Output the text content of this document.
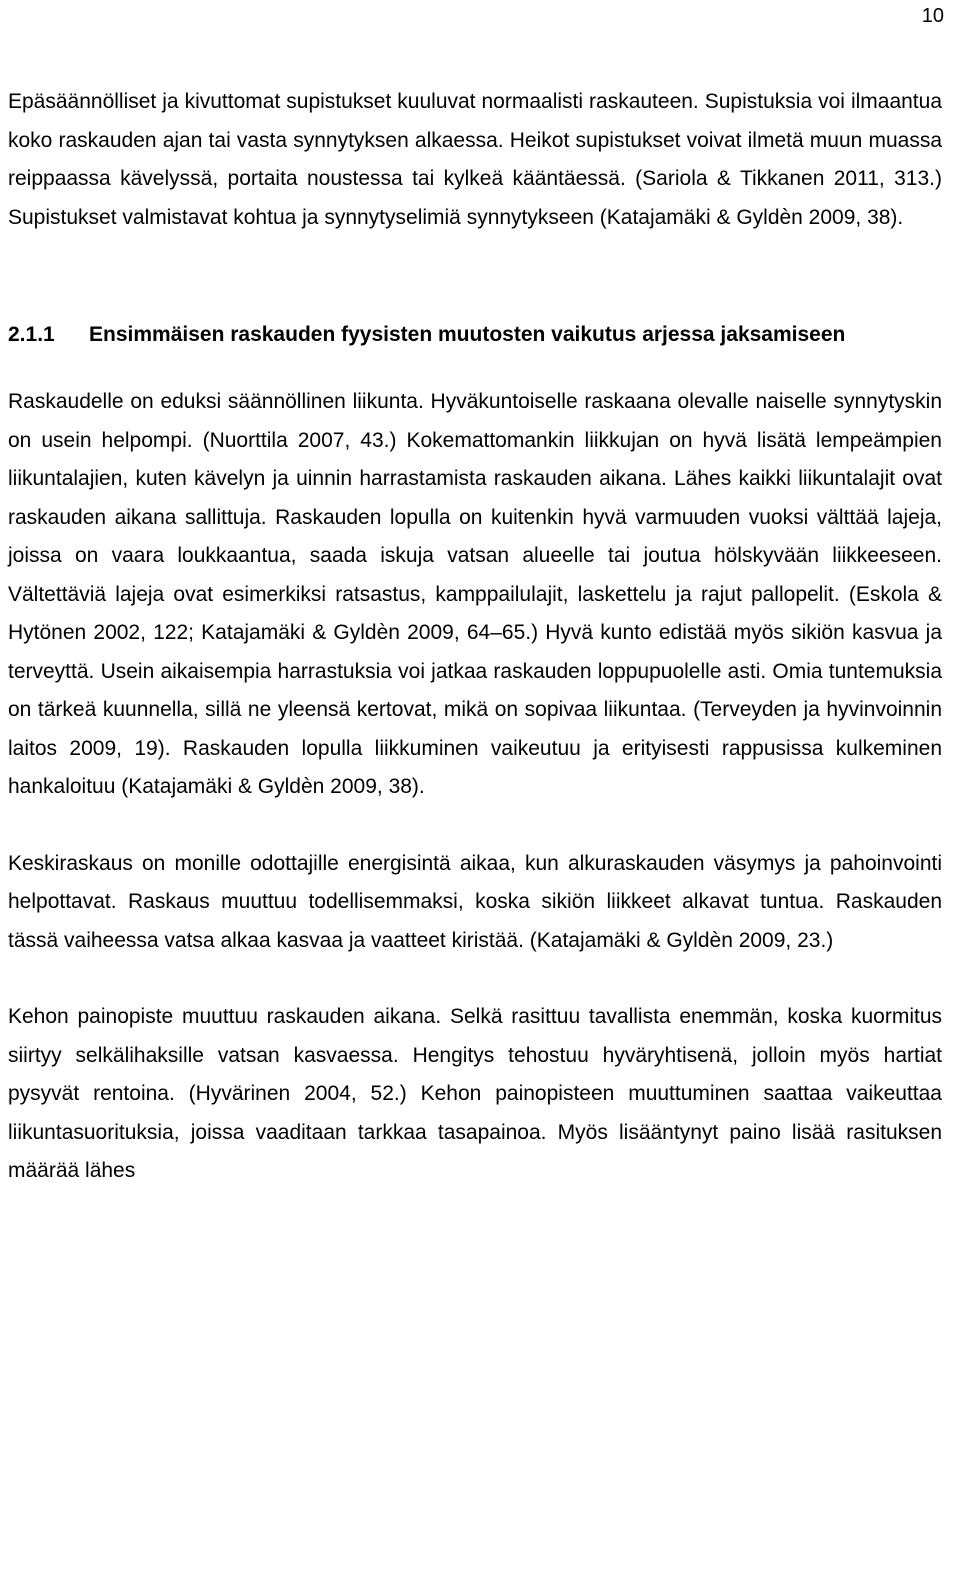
10

Epäsäännölliset ja kivuttomat supistukset kuuluvat normaalisti raskauteen. Supistuksia voi ilmaantua koko raskauden ajan tai vasta synnytyksen alkaessa. Heikot supistukset voivat ilmetä muun muassa reippaassa kävelyssä, portaita noustessa tai kylkeä kääntäessä. (Sariola & Tikkanen 2011, 313.) Supistukset valmistavat kohtua ja synnytyselimiä synnytykseen (Katajamäki & Gyldèn 2009, 38).

2.1.1	Ensimmäisen raskauden fyysisten muutosten vaikutus arjessa jaksamiseen

Raskaudelle on eduksi säännöllinen liikunta. Hyväkuntoiselle raskaana olevalle naiselle synnytyskin on usein helpompi. (Nuorttila 2007, 43.) Kokemattomankin liikkujan on hyvä lisätä lempeämpien liikuntalajien, kuten kävelyn ja uinnin harrastamista raskauden aikana. Lähes kaikki liikuntalajit ovat raskauden aikana sallittuja. Raskauden lopulla on kuitenkin hyvä varmuuden vuoksi välttää lajeja, joissa on vaara loukkaantua, saada iskuja vatsan alueelle tai joutua hölskyvään liikkeeseen. Vältettäviä lajeja ovat esimerkiksi ratsastus, kamppailulajit, laskettelu ja rajut pallopelit. (Eskola & Hytönen 2002, 122; Katajamäki & Gyldèn 2009, 64–65.) Hyvä kunto edistää myös sikiön kasvua ja terveyttä. Usein aikaisempia harrastuksia voi jatkaa raskauden loppupuolelle asti. Omia tuntemuksia on tärkeä kuunnella, sillä ne yleensä kertovat, mikä on sopivaa liikuntaa. (Terveyden ja hyvinvoinnin laitos 2009, 19). Raskauden lopulla liikkuminen vaikeutuu ja erityisesti rappusissa kulkeminen hankaloituu (Katajamäki & Gyldèn 2009, 38).

Keskiraskaus on monille odottajille energisintä aikaa, kun alkuraskauden väsymys ja pahoinvointi helpottavat. Raskaus muuttuu todellisemmaksi, koska sikiön liikkeet alkavat tuntua. Raskauden tässä vaiheessa vatsa alkaa kasvaa ja vaatteet kiristää. (Katajamäki & Gyldèn 2009, 23.)

Kehon painopiste muuttuu raskauden aikana. Selkä rasittuu tavallista enemmän, koska kuormitus siirtyy selkälihaksille vatsan kasvaessa. Hengitys tehostuu hyväryhtisenä, jolloin myös hartiat pysyvät rentoina. (Hyvärinen 2004, 52.) Kehon painopisteen muuttuminen saattaa vaikeuttaa liikuntasuorituksia, joissa vaaditaan tarkkaa tasapainoa. Myös lisääntynyt paino lisää rasituksen määrää lähes
